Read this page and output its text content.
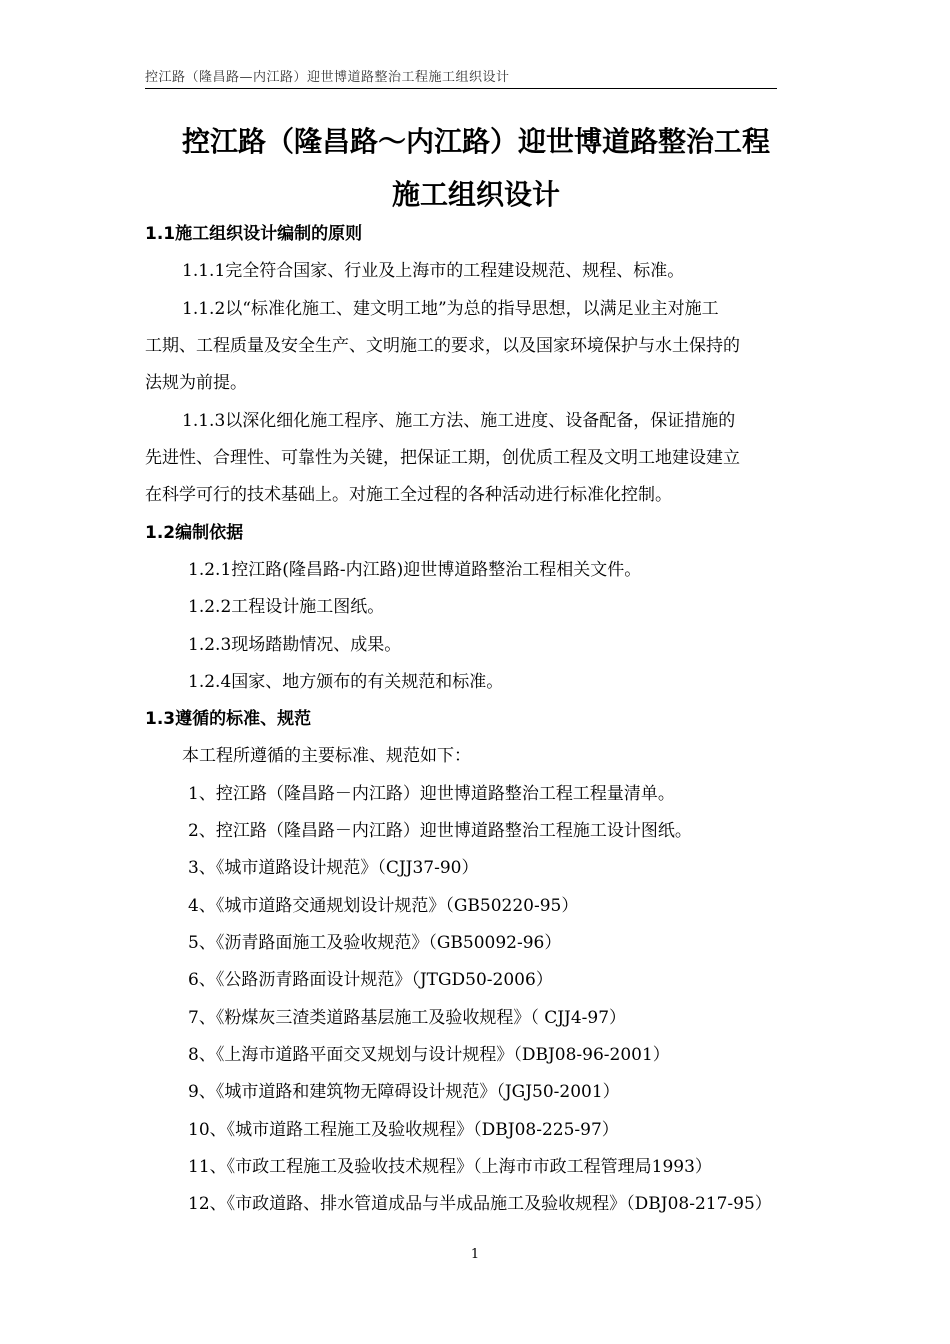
控江路（隆昌路—内江路）迎世博道路整治工程施工组织设计
控江路（隆昌路～内江路）迎世博道路整治工程
施工组织设计
1.1施工组织设计编制的原则
1.1.1完全符合国家、行业及上海市的工程建设规范、规程、标准。
1.1.2以“标准化施工、建文明工地”为总的指导思想，以满足业主对施工
工期、工程质量及安全生产、文明施工的要求，以及国家环境保护与水土保持的
法规为前提。
1.1.3以深化细化施工程序、施工方法、施工进度、设备配备，保证措施的
先进性、合理性、可靠性为关键，把保证工期，创优质工程及文明工地建设建立
在科学可行的技术基础上。对施工全过程的各种活动进行标准化控制。
1.2编制依据
1.2.1控江路(隆昌路-内江路)迎世博道路整治工程相关文件。
1.2.2工程设计施工图纸。
1.2.3现场踏勘情况、成果。
1.2.4国家、地方颁布的有关规范和标准。
1.3遵循的标准、规范
本工程所遵循的主要标准、规范如下：
1、控江路（隆昌路－内江路）迎世博道路整治工程工程量清单。
2、控江路（隆昌路－内江路）迎世博道路整治工程施工设计图纸。
3、《城市道路设计规范》（CJJ37-90）
4、《城市道路交通规划设计规范》（GB50220-95）
5、《沥青路面施工及验收规范》（GB50092-96）
6、《公路沥青路面设计规范》（JTGD50-2006）
7、《粉煤灰三渣类道路基层施工及验收规程》（ CJJ4-97）
8、《上海市道路平面交叉规划与设计规程》（DBJ08-96-2001）
9、《城市道路和建筑物无障碍设计规范》（JGJ50-2001）
10、《城市道路工程施工及验收规程》（DBJ08-225-97）
11、《市政工程施工及验收技术规程》（上海市市政工程管理局1993）
12、《市政道路、排水管道成品与半成品施工及验收规程》（DBJ08-217-95）
1
